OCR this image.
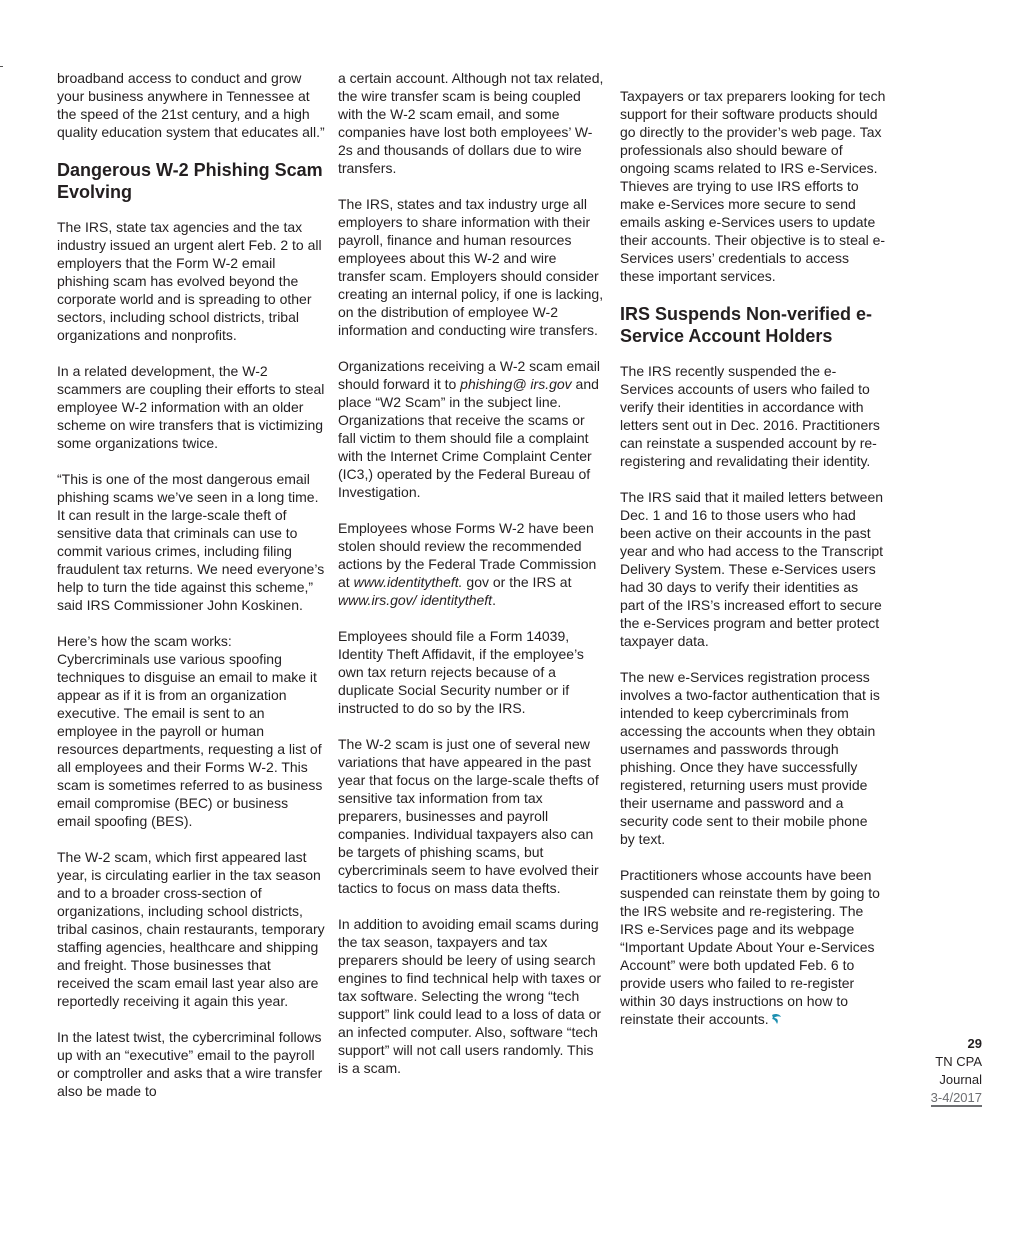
broadband access to conduct and grow your business anywhere in Tennessee at the speed of the 21st century, and a high quality education system that educates all.”

Dangerous W-2 Phishing Scam Evolving

The IRS, state tax agencies and the tax industry issued an urgent alert Feb. 2 to all employers that the Form W-2 email phishing scam has evolved beyond the corporate world and is spreading to other sectors, including school districts, tribal organizations and nonprofits.

In a related development, the W-2 scammers are coupling their efforts to steal employee W-2 information with an older scheme on wire transfers that is victimizing some organizations twice.

“This is one of the most dangerous email phishing scams we’ve seen in a long time. It can result in the large-scale theft of sensitive data that criminals can use to commit various crimes, including filing fraudulent tax returns. We need everyone’s help to turn the tide against this scheme,” said IRS Commissioner John Koskinen.

Here’s how the scam works: Cybercriminals use various spoofing techniques to disguise an email to make it appear as if it is from an organization executive. The email is sent to an employee in the payroll or human resources departments, requesting a list of all employees and their Forms W-2. This scam is sometimes referred to as business email compromise (BEC) or business email spoofing (BES).

The W-2 scam, which first appeared last year, is circulating earlier in the tax season and to a broader cross-section of organizations, including school districts, tribal casinos, chain restaurants, temporary staffing agencies, healthcare and shipping and freight. Those businesses that received the scam email last year also are reportedly receiving it again this year.

In the latest twist, the cybercriminal follows up with an “executive” email to the payroll or comptroller and asks that a wire transfer also be made to

a certain account. Although not tax related, the wire transfer scam is being coupled with the W-2 scam email, and some companies have lost both employees’ W-2s and thousands of dollars due to wire transfers.

The IRS, states and tax industry urge all employers to share information with their payroll, finance and human resources employees about this W-2 and wire transfer scam. Employers should consider creating an internal policy, if one is lacking, on the distribution of employee W-2 information and conducting wire transfers.

Organizations receiving a W-2 scam email should forward it to phishing@ irs.gov and place “W2 Scam” in the subject line. Organizations that receive the scams or fall victim to them should file a complaint with the Internet Crime Complaint Center (IC3,) operated by the Federal Bureau of Investigation.

Employees whose Forms W-2 have been stolen should review the recommended actions by the Federal Trade Commission at www.identitytheft. gov or the IRS at www.irs.gov/ identitytheft.

Employees should file a Form 14039, Identity Theft Affidavit, if the employee’s own tax return rejects because of a duplicate Social Security number or if instructed to do so by the IRS.

The W-2 scam is just one of several new variations that have appeared in the past year that focus on the large-scale thefts of sensitive tax information from tax preparers, businesses and payroll companies. Individual taxpayers also can be targets of phishing scams, but cybercriminals seem to have evolved their tactics to focus on mass data thefts.

In addition to avoiding email scams during the tax season, taxpayers and tax preparers should be leery of using search engines to find technical help with taxes or tax software. Selecting the wrong “tech support” link could lead to a loss of data or an infected computer. Also, software “tech support” will not call users randomly. This is a scam.

Taxpayers or tax preparers looking for tech support for their software products should go directly to the provider’s web page. Tax professionals also should beware of ongoing scams related to IRS e-Services. Thieves are trying to use IRS efforts to make e-Services more secure to send emails asking e-Services users to update their accounts. Their objective is to steal e-Services users’ credentials to access these important services.

IRS Suspends Non-verified e-Service Account Holders

The IRS recently suspended the e-Services accounts of users who failed to verify their identities in accordance with letters sent out in Dec. 2016. Practitioners can reinstate a suspended account by re-registering and revalidating their identity.

The IRS said that it mailed letters between Dec. 1 and 16 to those users who had been active on their accounts in the past year and who had access to the Transcript Delivery System. These e-Services users had 30 days to verify their identities as part of the IRS’s increased effort to secure the e-Services program and better protect taxpayer data.

The new e-Services registration process involves a two-factor authentication that is intended to keep cybercriminals from accessing the accounts when they obtain usernames and passwords through phishing. Once they have successfully registered, returning users must provide their username and password and a security code sent to their mobile phone by text.

Practitioners whose accounts have been suspended can reinstate them by going to the IRS website and re-registering. The IRS e-Services page and its webpage “Important Update About Your e-Services Account” were both updated Feb. 6 to provide users who failed to re-register within 30 days instructions on how to reinstate their accounts.

29
TN CPA
Journal
3-4/2017
